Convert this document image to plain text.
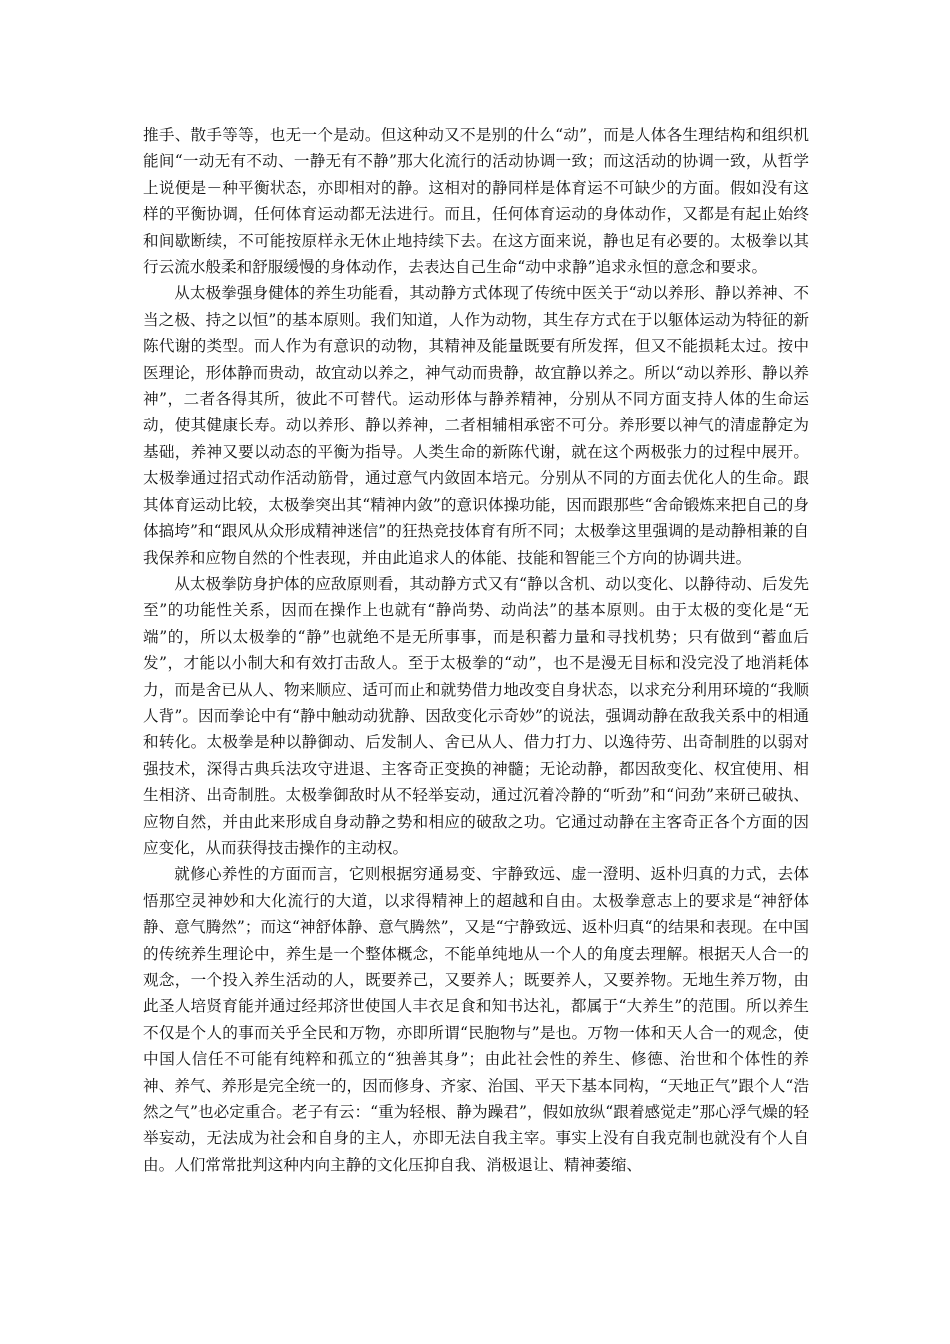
推手、散手等等，也无一个是动。但这种动又不是别的什么“动”，而是人体各生理结构和组织机能间“一动无有不动、一静无有不静”那大化流行的活动协调一致；而这活动的协调一致，从哲学上说便是－种平衡状态，亦即相对的静。这相对的静同样是体育运不可缺少的方面。假如没有这样的平衡协调，任何体育运动都无法进行。而且，任何体育运动的身体动作，又都是有起止始终和间歇断续，不可能按原样永无休止地持续下去。在这方面来说，静也足有必要的。太极拳以其行云流水般柔和舒服缓慢的身体动作，去表达自己生命“动中求静”追求永恒的意念和要求。

从太极拳强身健体的养生功能看，其动静方式体现了传统中医关于“动以养形、静以养神、不当之极、持之以恒”的基本原则。我们知道，人作为动物，其生存方式在于以躯体运动为特征的新陈代谢的类型。而人作为有意识的动物，其精神及能量既要有所发挥，但又不能损耗太过。按中医理论，形体静而贵动，故宜动以养之，神气动而贵静，故宜静以养之。所以“动以养形、静以养神”，二者各得其所，彼此不可替代。运动形体与静养精神，分别从不同方面支持人体的生命运动，使其健康长寿。动以养形、静以养神，二者相辅相承密不可分。养形要以神气的清虚静定为基础，养神又要以动态的平衡为指导。人类生命的新陈代谢，就在这个两极张力的过程中展开。太极拳通过招式动作活动筋骨，通过意气内敛固本培元。分别从不同的方面去优化人的生命。跟其体育运动比较，太极拳突出其“精神内敛”的意识体操功能，因而跟那些“舍命锻炼来把自己的身体搞垮”和“跟风从众形成精神迷信”的狂热竞技体育有所不同；太极拳这里强调的是动静相兼的自我保养和应物自然的个性表现，并由此追求人的体能、技能和智能三个方向的协调共进。

从太极拳防身护体的应敌原则看，其动静方式又有“静以含机、动以变化、以静待动、后发先至”的功能性关系，因而在操作上也就有“静尚势、动尚法”的基本原则。由于太极的变化是“无端”的，所以太极拳的“静”也就绝不是无所事事，而是积蓄力量和寻找机势；只有做到“蓄血后发”，才能以小制大和有效打击敌人。至于太极拳的“动”，也不是漫无目标和没完没了地消耗体力，而是舍已从人、物来顺应、适可而止和就势借力地改变自身状态，以求充分利用环境的“我顺人背”。因而拳论中有“静中触动动犹静、因敌变化示奇妙”的说法，强调动静在敌我关系中的相通和转化。太极拳是种以静御动、后发制人、舍已从人、借力打力、以逸待劳、出奇制胜的以弱对强技术，深得古典兵法攻守进退、主客奇正变换的神髓；无论动静，都因敌变化、权宜使用、相生相济、出奇制胜。太极拳御敌时从不轻举妄动，通过沉着冷静的“听劲”和“问劲”来研己破执、应物自然，并由此来形成自身动静之势和相应的破敌之功。它通过动静在主客奇正各个方面的因应变化，从而获得技击操作的主动权。

就修心养性的方面而言，它则根据穷通易变、宇静致远、虚一澄明、返朴归真的力式，去体悟那空灵神妙和大化流行的大道，以求得精神上的超越和自由。太极拳意志上的要求是“神舒体静、意气腾然”；而这“神舒体静、意气腾然”，又是“宁静致远、返朴归真“的结果和表现。在中国的传统养生理论中，养生是一个整体概念，不能单纯地从一个人的角度去理解。根据天人合一的观念，一个投入养生活动的人，既要养己，又要养人；既要养人，又要养物。无地生养万物，由此圣人培贤育能并通过经邦济世使国人丰衣足食和知书达礼，都属于“大养生”的范围。所以养生不仅是个人的事而关乎全民和万物，亦即所谓“民胞物与”是也。万物一体和天人合一的观念，使中国人信任不可能有纯粹和孤立的“独善其身”；由此社会性的养生、修德、治世和个体性的养神、养气、养形是完全统一的，因而修身、齐家、治国、平天下基本同构，“天地正气”跟个人“浩然之气”也必定重合。老子有云：“重为轻根、静为躁君”，假如放纵“跟着感觉走”那心浮气燥的轻举妄动，无法成为社会和自身的主人，亦即无法自我主宰。事实上没有自我克制也就没有个人自由。人们常常批判这种内向主静的文化压抑自我、消极退让、精神萎缩、
